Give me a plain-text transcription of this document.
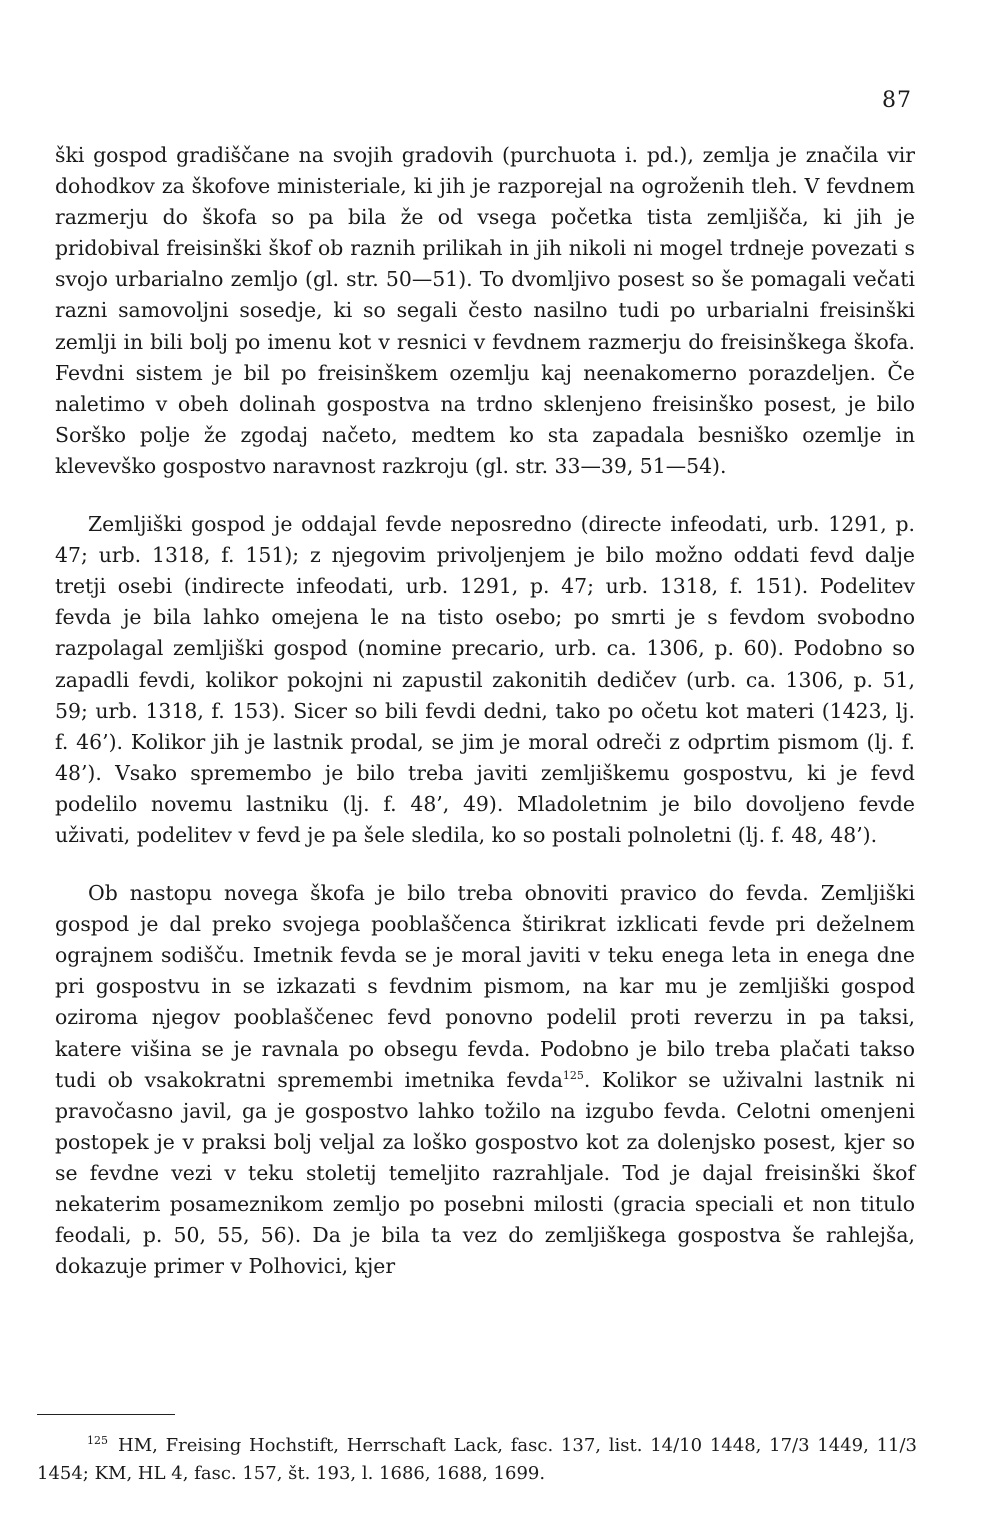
87

ški gospod gradiščane na svojih gradovih (purchuota i. pd.), zemlja je značila vir dohodkov za škofove ministeriale, ki jih je razporejal na ogroženih tleh. V fevdnem razmerju do škofa so pa bila že od vsega početka tista zemljišča, ki jih je pridobival freisinški škof ob raznih prilikah in jih nikoli ni mogel trdneje povezati s svojo urbarialno zemljo (gl. str. 50—51). To dvomljivo posest so še pomagali večati razni samovoljni sosedje, ki so segali često nasilno tudi po urbarialni freisinški zemlji in bili bolj po imenu kot v resnici v fevdnem razmerju do freisinškega škofa. Fevdni sistem je bil po freisinškem ozemlju kaj neenakomerno porazdeljen. Če naletimo v obeh dolinah gospostva na trdno sklenjeno freisinško posest, je bilo Sorško polje že zgodaj načeto, medtem ko sta zapadala besniško ozemlje in klevevško gospostvo naravnost razkroju (gl. str. 33—39, 51—54).

Zemljiški gospod je oddajal fevde neposredno (directe infeodati, urb. 1291, p. 47; urb. 1318, f. 151); z njegovim privoljenjem je bilo možno oddati fevd dalje tretji osebi (indirecte infeodati, urb. 1291, p. 47; urb. 1318, f. 151). Podelitev fevda je bila lahko omejena le na tisto osebo; po smrti je s fevdom svobodno razpolagal zemljiški gospod (nomine precario, urb. ca. 1306, p. 60). Podobno so zapadli fevdi, kolikor pokojni ni zapustil zakonitih dedičev (urb. ca. 1306, p. 51, 59; urb. 1318, f. 153). Sicer so bili fevdi dedni, tako po očetu kot materi (1423, lj. f. 46’). Kolikor jih je lastnik prodal, se jim je moral odreči z odprtim pismom (lj. f. 48’). Vsako spremembo je bilo treba javiti zemljiškemu gospostvu, ki je fevd podelilo novemu lastniku (lj. f. 48’, 49). Mladoletnim je bilo dovoljeno fevde uživati, podelitev v fevd je pa šele sledila, ko so postali polnoletni (lj. f. 48, 48’).

Ob nastopu novega škofa je bilo treba obnoviti pravico do fevda. Zemljiški gospod je dal preko svojega pooblaščenca štirikrat izklicati fevde pri deželnem ograjnem sodišču. Imetnik fevda se je moral javiti v teku enega leta in enega dne pri gospostvu in se izkazati s fevdnim pismom, na kar mu je zemljiški gospod oziroma njegov pooblaščenec fevd ponovno podelil proti reverzu in pa taksi, katere višina se je ravnala po obsegu fevda. Podobno je bilo treba plačati takso tudi ob vsakokratni spremembi imetnika fevda$^{125}$. Kolikor se uživalni lastnik ni pravočasno javil, ga je gospostvo lahko tožilo na izgubo fevda. Celotni omenjeni postopek je v praksi bolj veljal za loško gospostvo kot za dolenjsko posest, kjer so se fevdne vezi v teku stoletij temeljito razrahljale. Tod je dajal freisinški škof nekaterim posameznikom zemljo po posebni milosti (gracia speciali et non titulo feodali, p. 50, 55, 56). Da je bila ta vez do zemljiškega gospostva še rahlejša, dokazuje primer v Polhovici, kjer

$^{125}$ HM, Freising Hochstift, Herrschaft Lack, fasc. 137, list. 14/10 1448, 17/3 1449, 11/3 1454; KM, HL 4, fasc. 157, št. 193, l. 1686, 1688, 1699.
